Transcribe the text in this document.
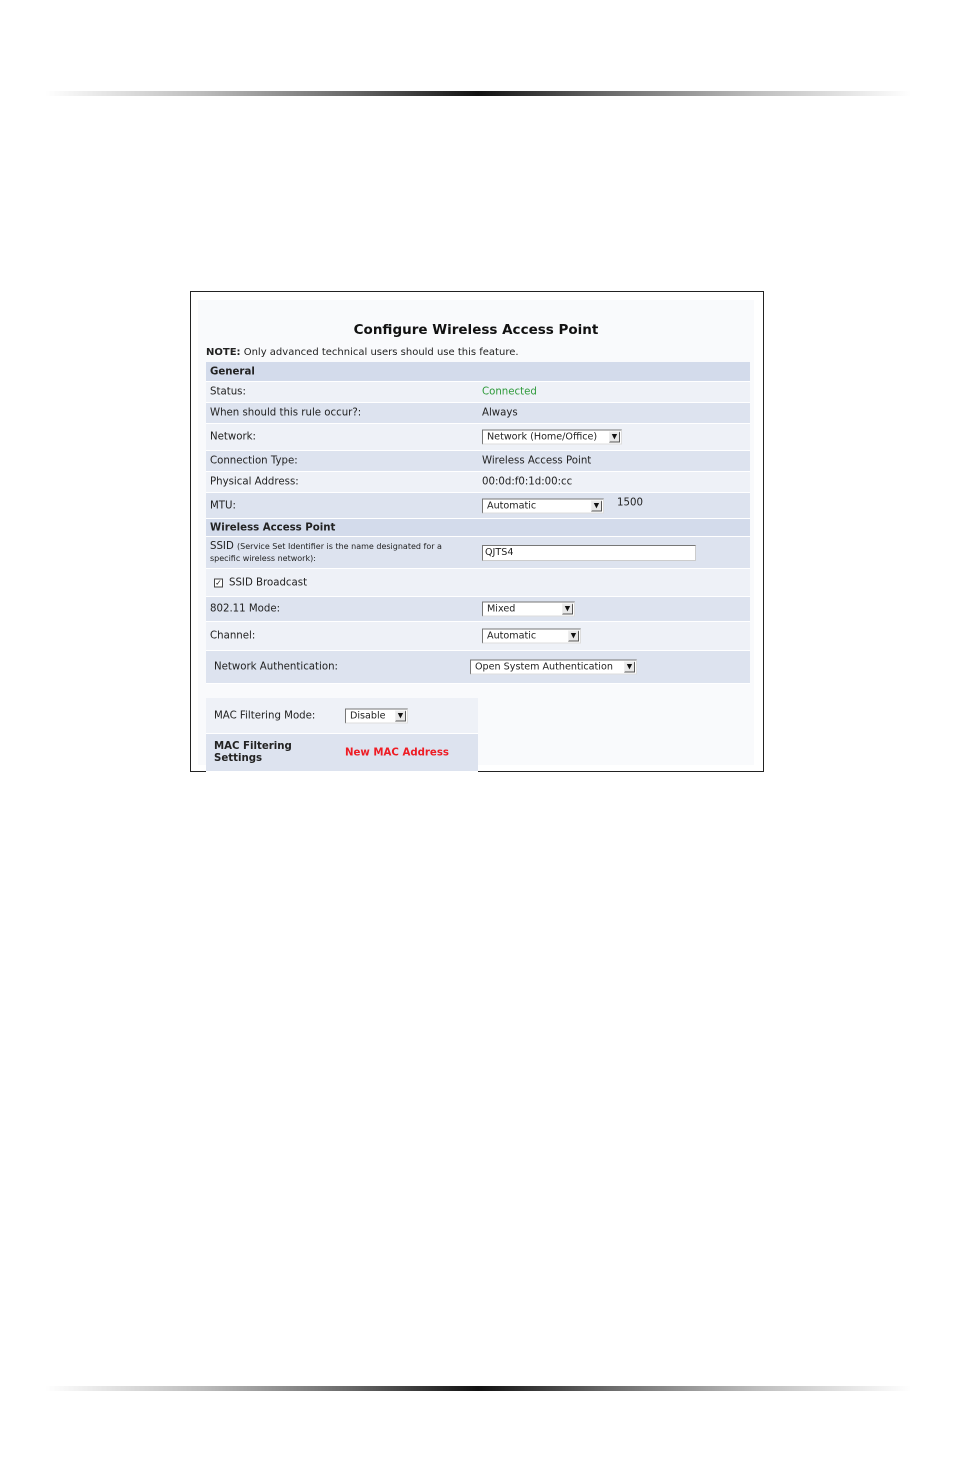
Configure Wireless Access Point
NOTE: Only advanced technical users should use this feature.
General
Status:	Connected
When should this rule occur?:	Always
Network:	Network (Home/Office)	▼
Connection Type:	Wireless Access Point
Physical Address:	00:0d:f0:1d:00:cc
MTU:	Automatic	▼ 1500
Wireless Access Point
SSID (Service Set Identifier is the name designated for a
specific wireless network):
QJTS4
✓ SSID Broadcast
802.11 Mode:	Mixed	▼
Channel:	Automatic	▼
Network Authentication:	Open System Authentication	▼
MAC Filtering Mode:	Disable	▼
MAC Filtering
Settings	New MAC Address
